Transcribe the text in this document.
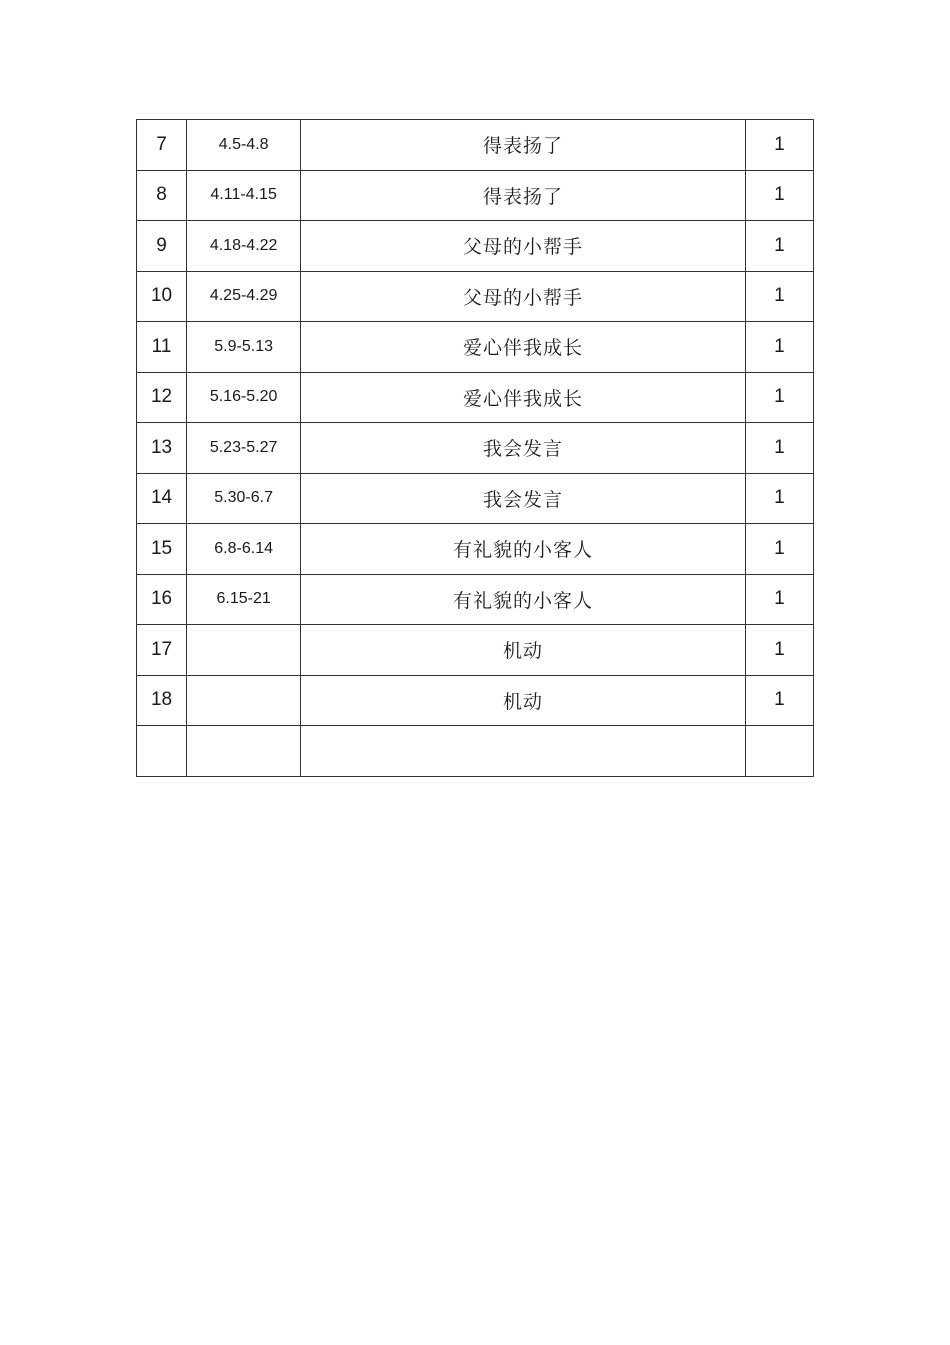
7	4.5-4.8	得表扬了	1
8	4.11-4.15	得表扬了	1
9	4.18-4.22	父母的小帮手	1
10	4.25-4.29	父母的小帮手	1
11	5.9-5.13	爱心伴我成长	1
12	5.16-5.20	爱心伴我成长	1
13	5.23-5.27	我会发言	1
14	5.30-6.7	我会发言	1
15	6.8-6.14	有礼貌的小客人	1
16	6.15-21	有礼貌的小客人	1
17		机动	1
18		机动	1
